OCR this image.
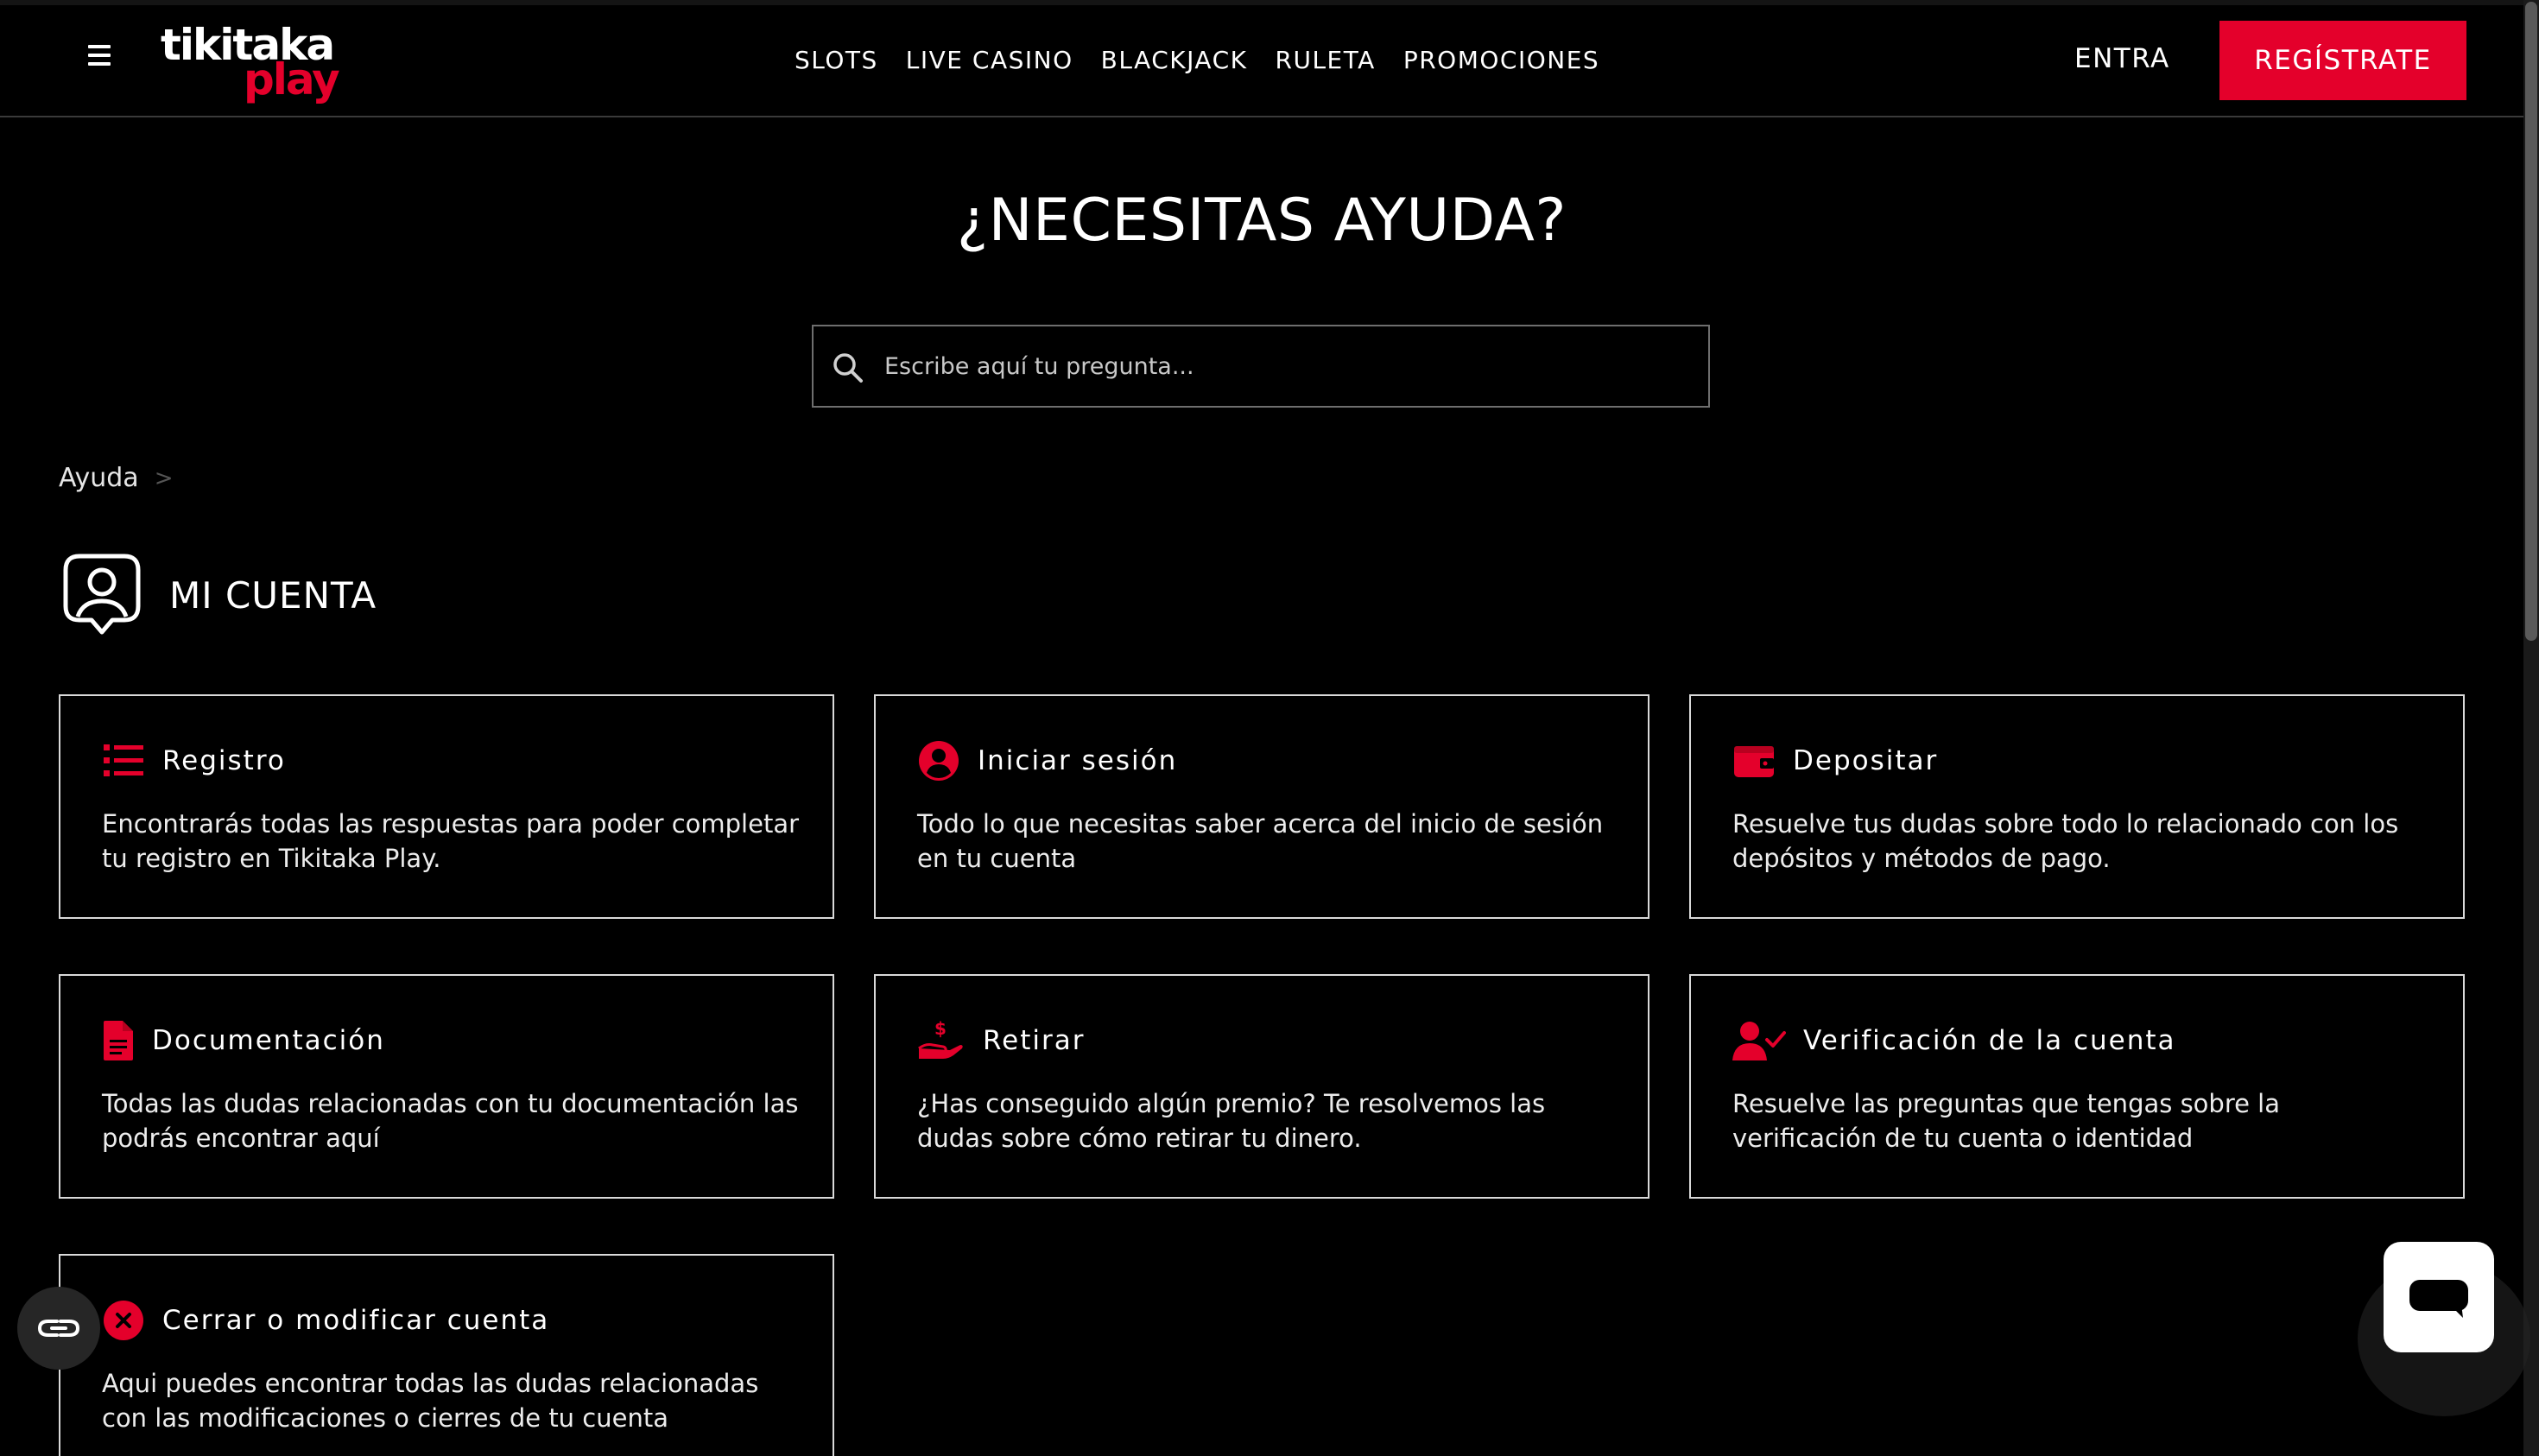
tikitaka
play	SLOTS LIVE CASINO BLACKJACK RULETA PROMOCIONES	ENTRA	REGÍSTRATE
¿NECESITAS AYUDA?
Escribe aquí tu pregunta...
Ayuda >
MI CUENTA
Registro
Encontrarás todas las respuestas para poder completar tu registro en Tikitaka Play.
Iniciar sesión
Todo lo que necesitas saber acerca del inicio de sesión en tu cuenta
Depositar
Resuelve tus dudas sobre todo lo relacionado con los depósitos y métodos de pago.
Documentación
Todas las dudas relacionadas con tu documentación las podrás encontrar aquí
$ Retirar
¿Has conseguido algún premio? Te resolvemos las dudas sobre cómo retirar tu dinero.
Verificación de la cuenta
Resuelve las preguntas que tengas sobre la verificación de tu cuenta o identidad
Cerrar o modificar cuenta
Aqui puedes encontrar todas las dudas relacionadas con las modificaciones o cierres de tu cuenta
